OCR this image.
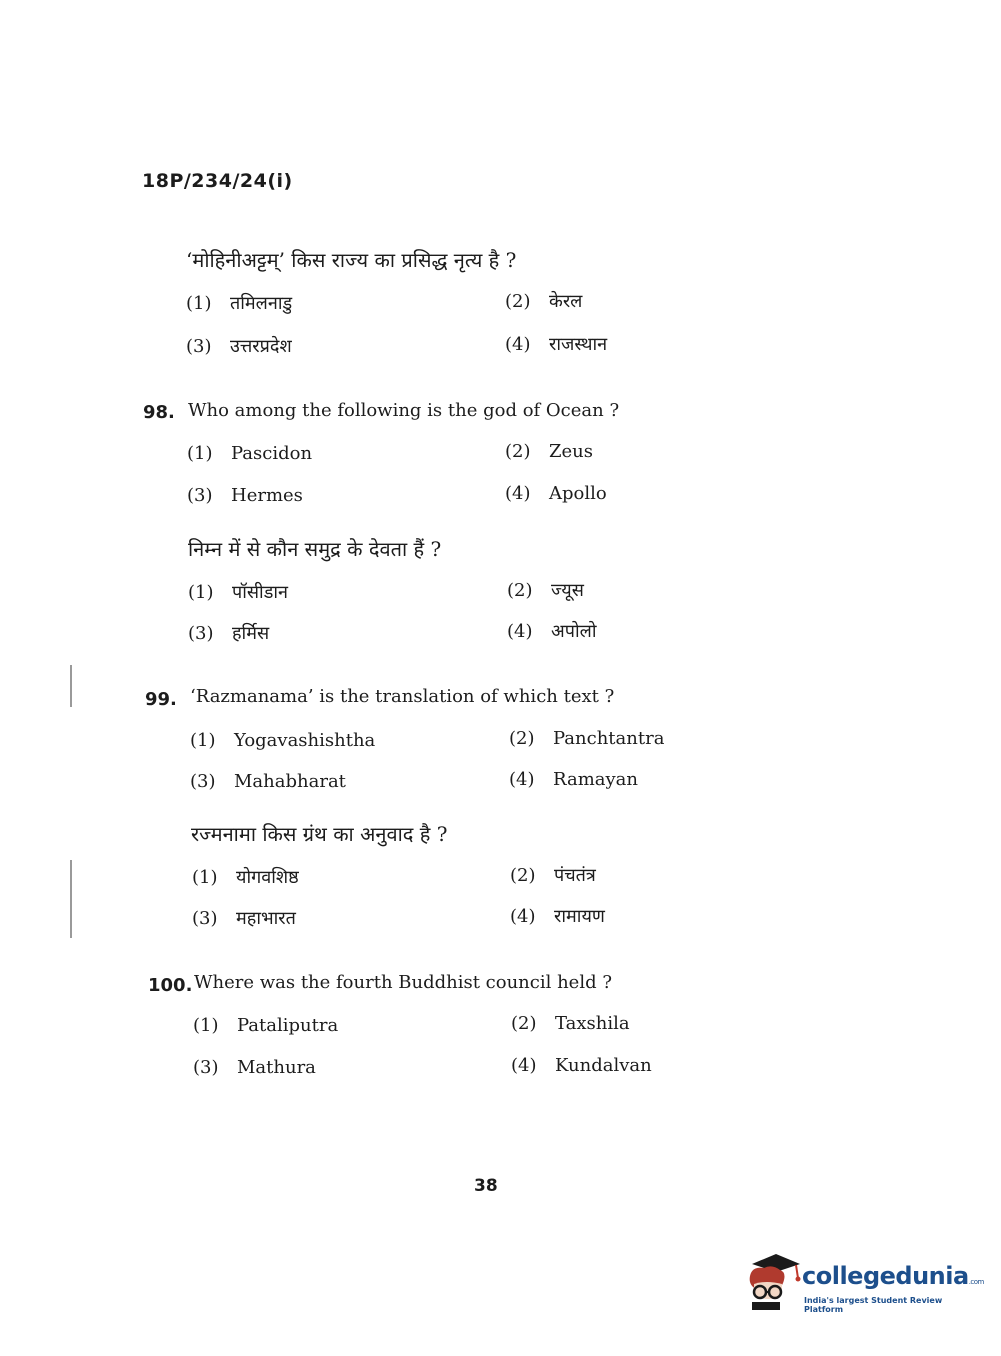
18P/234/24(i)
‘मोहिनीअट्टम्’ किस राज्य का प्रसिद्ध नृत्य है ?
(1) तमिलनाडु	(2) केरल
(3) उत्तरप्रदेश	(4) राजस्थान
98. Who among the following is the god of Ocean ?
(1) Pascidon	(2) Zeus
(3) Hermes	(4) Apollo
निम्न में से कौन समुद्र के देवता हैं ?
(1) पॉसीडान	(2) ज्यूस
(3) हर्मिस	(4) अपोलो
99. ‘Razmanama’ is the translation of which text ?
(1) Yogavashishtha	(2) Panchtantra
(3) Mahabharat	(4) Ramayan
रज्मनामा किस ग्रंथ का अनुवाद है ?
(1) योगवशिष्ठ	(2) पंचतंत्र
(3) महाभारत	(4) रामायण
100. Where was the fourth Buddhist council held ?
(1) Pataliputra	(2) Taxshila
(3) Mathura	(4) Kundalvan
38
collegedunia.com
India's largest Student Review Platform
